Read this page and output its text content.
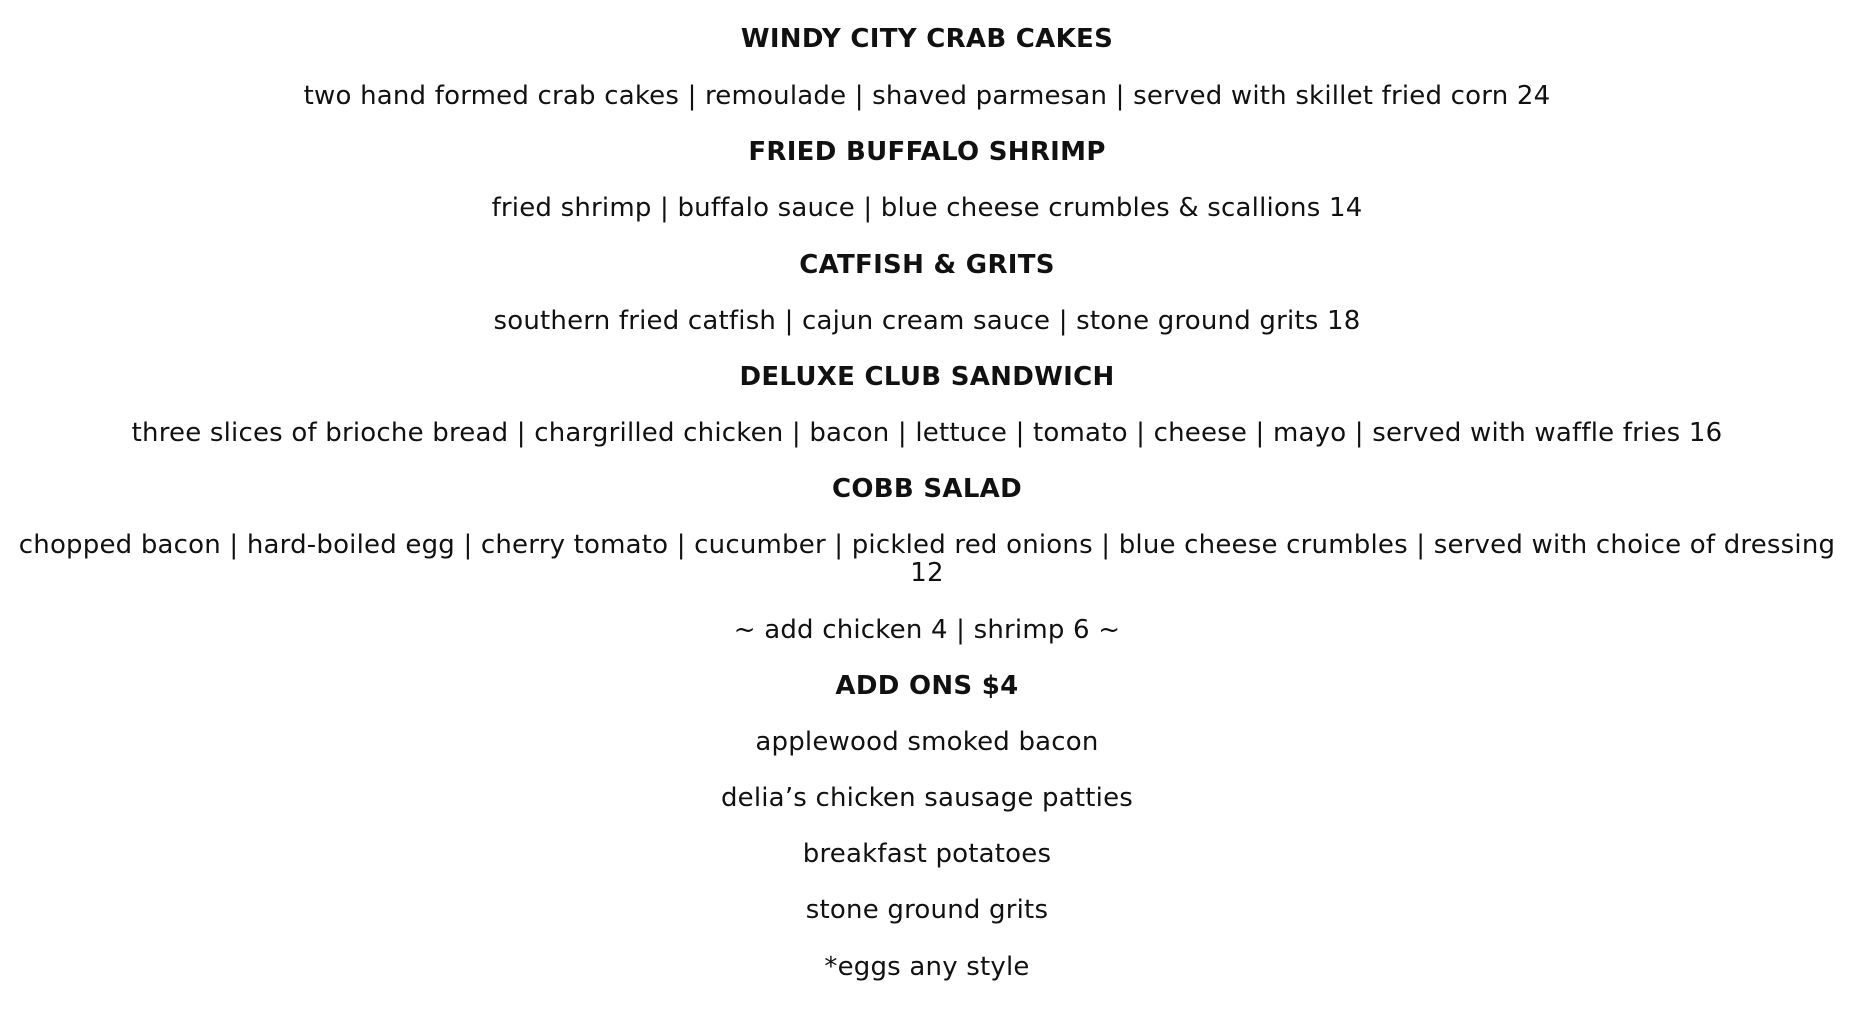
WINDY CITY CRAB CAKES
two hand formed crab cakes | remoulade | shaved parmesan | served with skillet fried corn 24
FRIED BUFFALO SHRIMP
fried shrimp | buffalo sauce | blue cheese crumbles & scallions 14
CATFISH & GRITS
southern fried catfish | cajun cream sauce | stone ground grits 18
DELUXE CLUB SANDWICH
three slices of brioche bread | chargrilled chicken | bacon | lettuce | tomato | cheese | mayo | served with waffle fries 16
COBB SALAD
chopped bacon | hard-boiled egg | cherry tomato | cucumber | pickled red onions | blue cheese crumbles | served with choice of dressing 12
~ add chicken 4 | shrimp 6 ~
ADD ONS $4
applewood smoked bacon
delia’s chicken sausage patties
breakfast potatoes
stone ground grits
*eggs any style
